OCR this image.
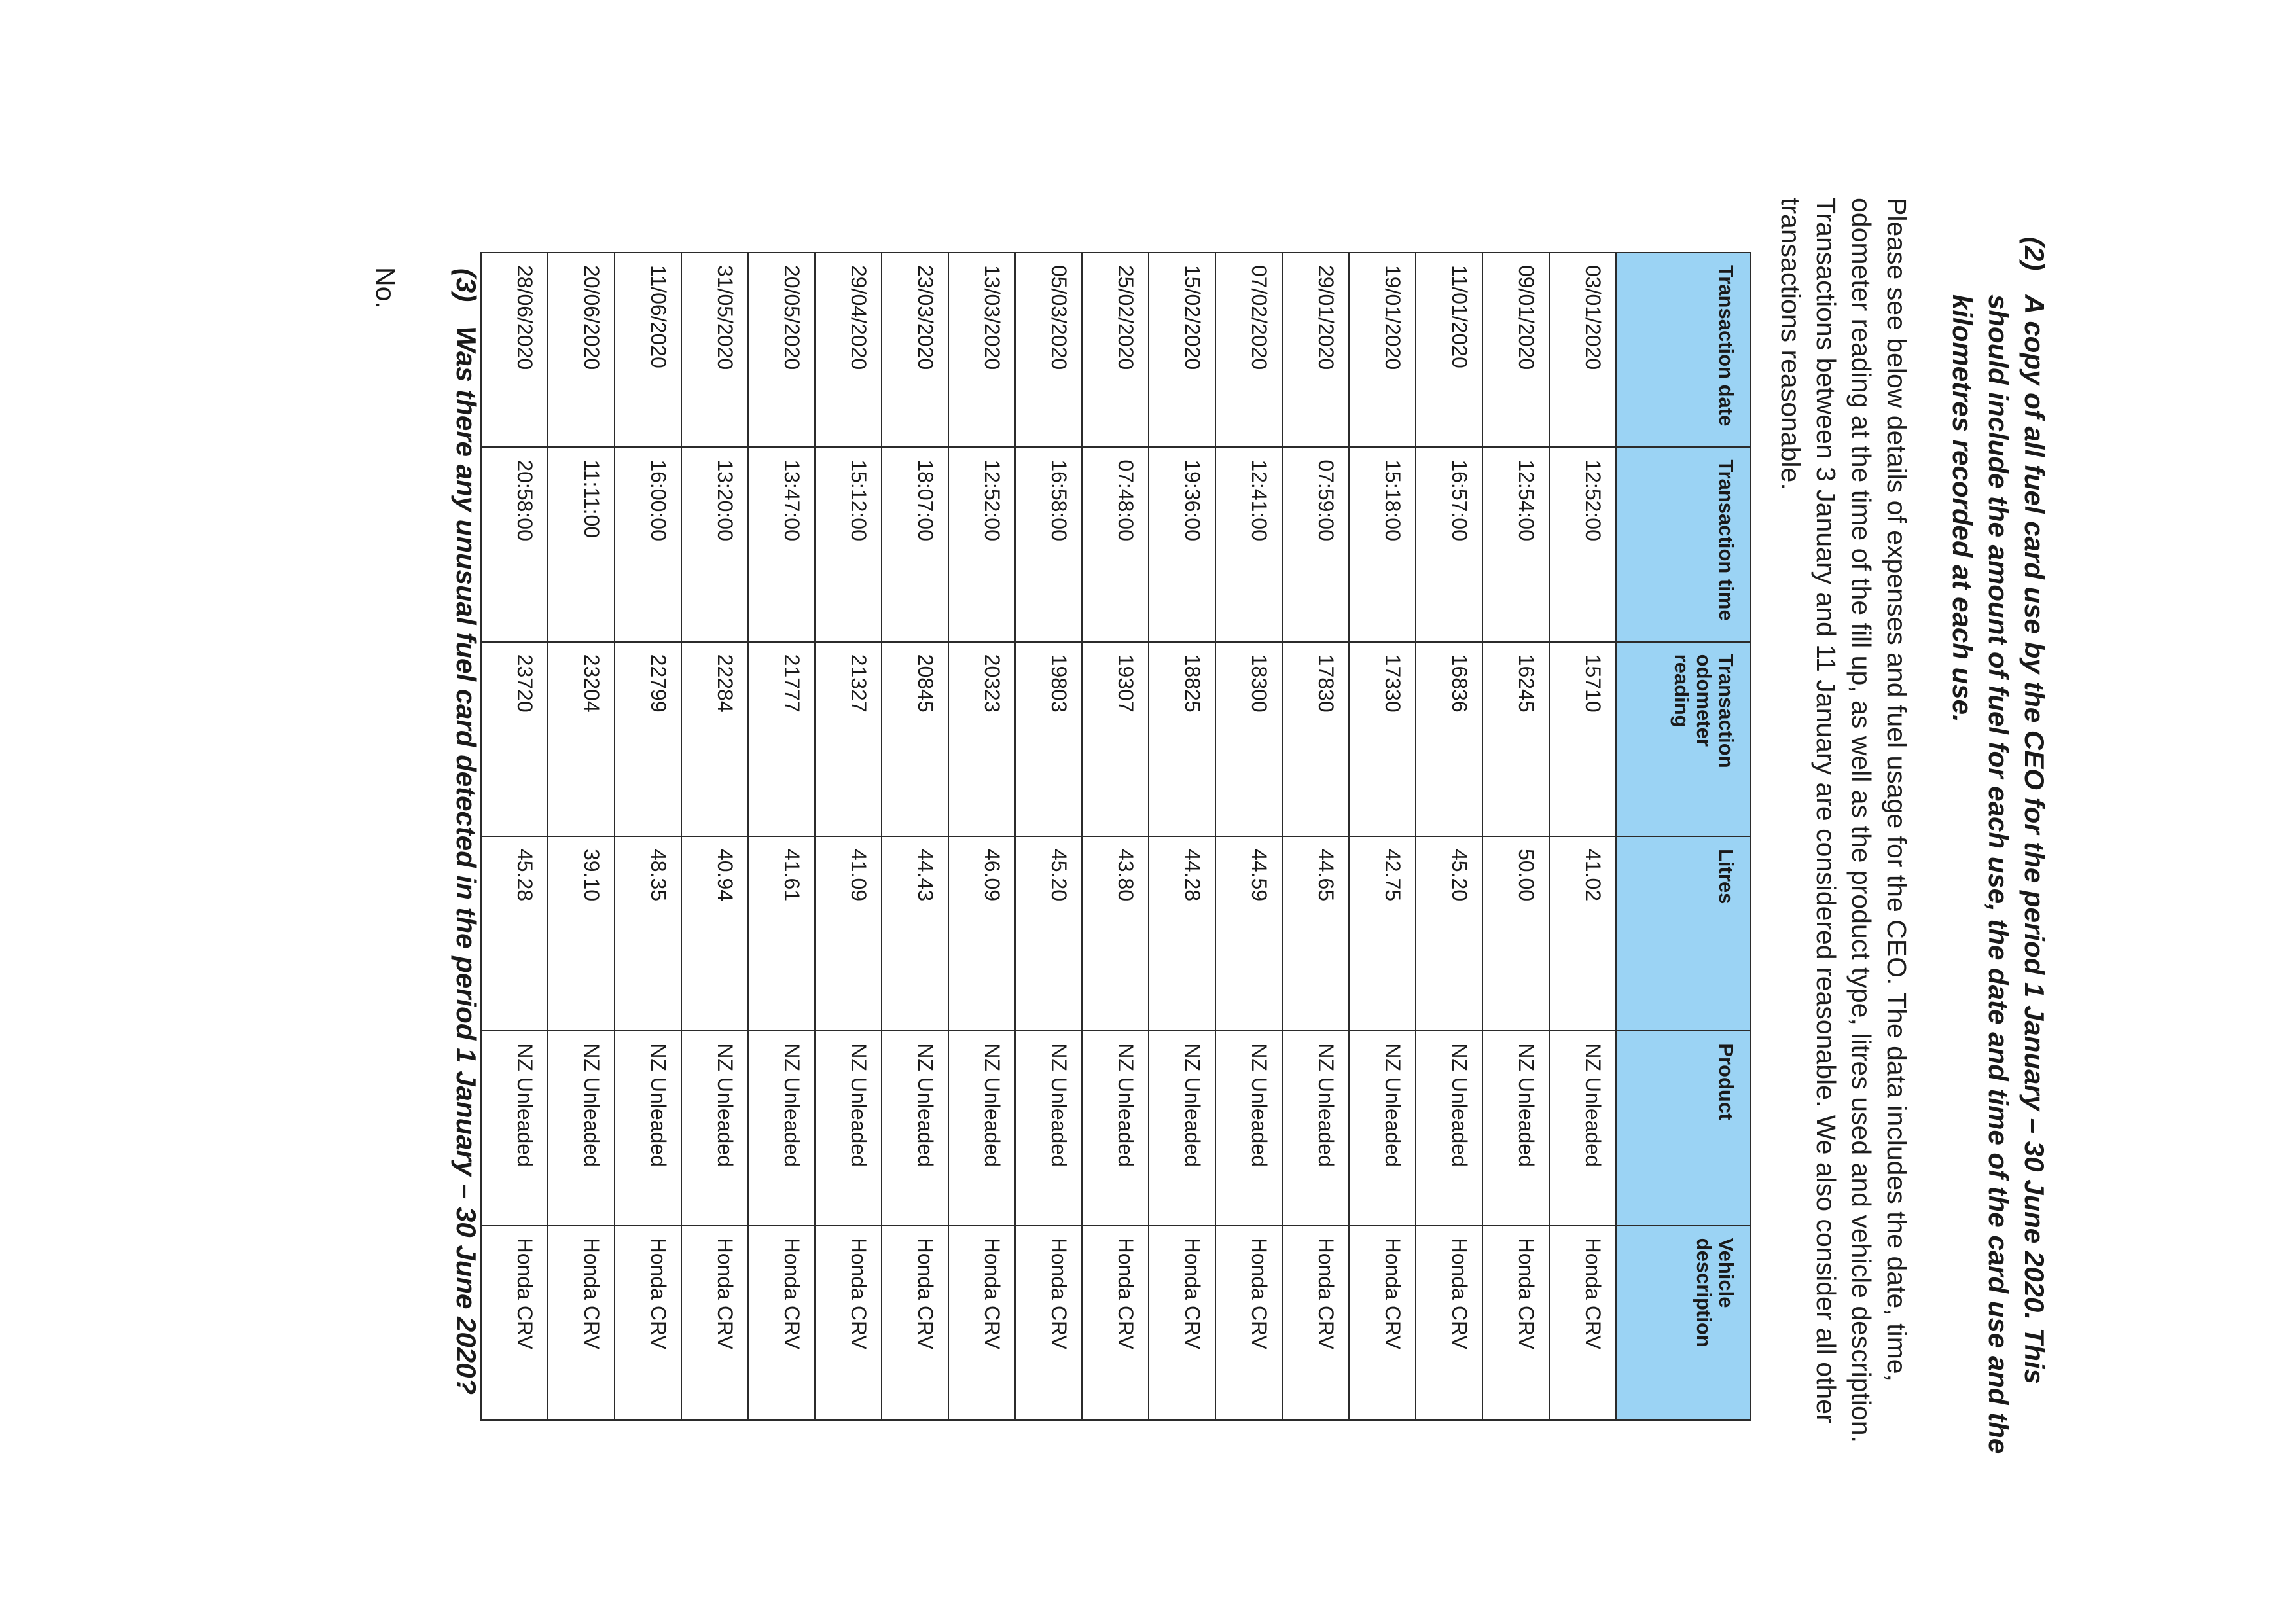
(2)
A copy of all fuel card use by the CEO for the period 1 January – 30 June 2020. This should include the amount of fuel for each use, the date and time of the card use and the kilometres recorded at each use.
Please see below details of expenses and fuel usage for the CEO. The data includes the date, time, odometer reading at the time of the fill up, as well as the product type, litres used and vehicle description. Transactions between 3 January and 11 January are considered reasonable. We also consider all other transactions reasonable.
Transaction date	Transaction time	Transaction odometer reading	Litres	Product	Vehicle description
03/01/2020	12:52:00	15710	41.02	NZ Unleaded	Honda CRV
09/01/2020	12:54:00	16245	50.00	NZ Unleaded	Honda CRV
11/01/2020	16:57:00	16836	45.20	NZ Unleaded	Honda CRV
19/01/2020	15:18:00	17330	42.75	NZ Unleaded	Honda CRV
29/01/2020	07:59:00	17830	44.65	NZ Unleaded	Honda CRV
07/02/2020	12:41:00	18300	44.59	NZ Unleaded	Honda CRV
15/02/2020	19:36:00	18825	44.28	NZ Unleaded	Honda CRV
25/02/2020	07:48:00	19307	43.80	NZ Unleaded	Honda CRV
05/03/2020	16:58:00	19803	45.20	NZ Unleaded	Honda CRV
13/03/2020	12:52:00	20323	46.09	NZ Unleaded	Honda CRV
23/03/2020	18:07:00	20845	44.43	NZ Unleaded	Honda CRV
29/04/2020	15:12:00	21327	41.09	NZ Unleaded	Honda CRV
20/05/2020	13:47:00	21777	41.61	NZ Unleaded	Honda CRV
31/05/2020	13:20:00	22284	40.94	NZ Unleaded	Honda CRV
11/06/2020	16:00:00	22799	48.35	NZ Unleaded	Honda CRV
20/06/2020	11:11:00	23204	39.10	NZ Unleaded	Honda CRV
28/06/2020	20:58:00	23720	45.28	NZ Unleaded	Honda CRV
(3)
Was there any unusual fuel card detected in the period 1 January – 30 June 2020?
No.
